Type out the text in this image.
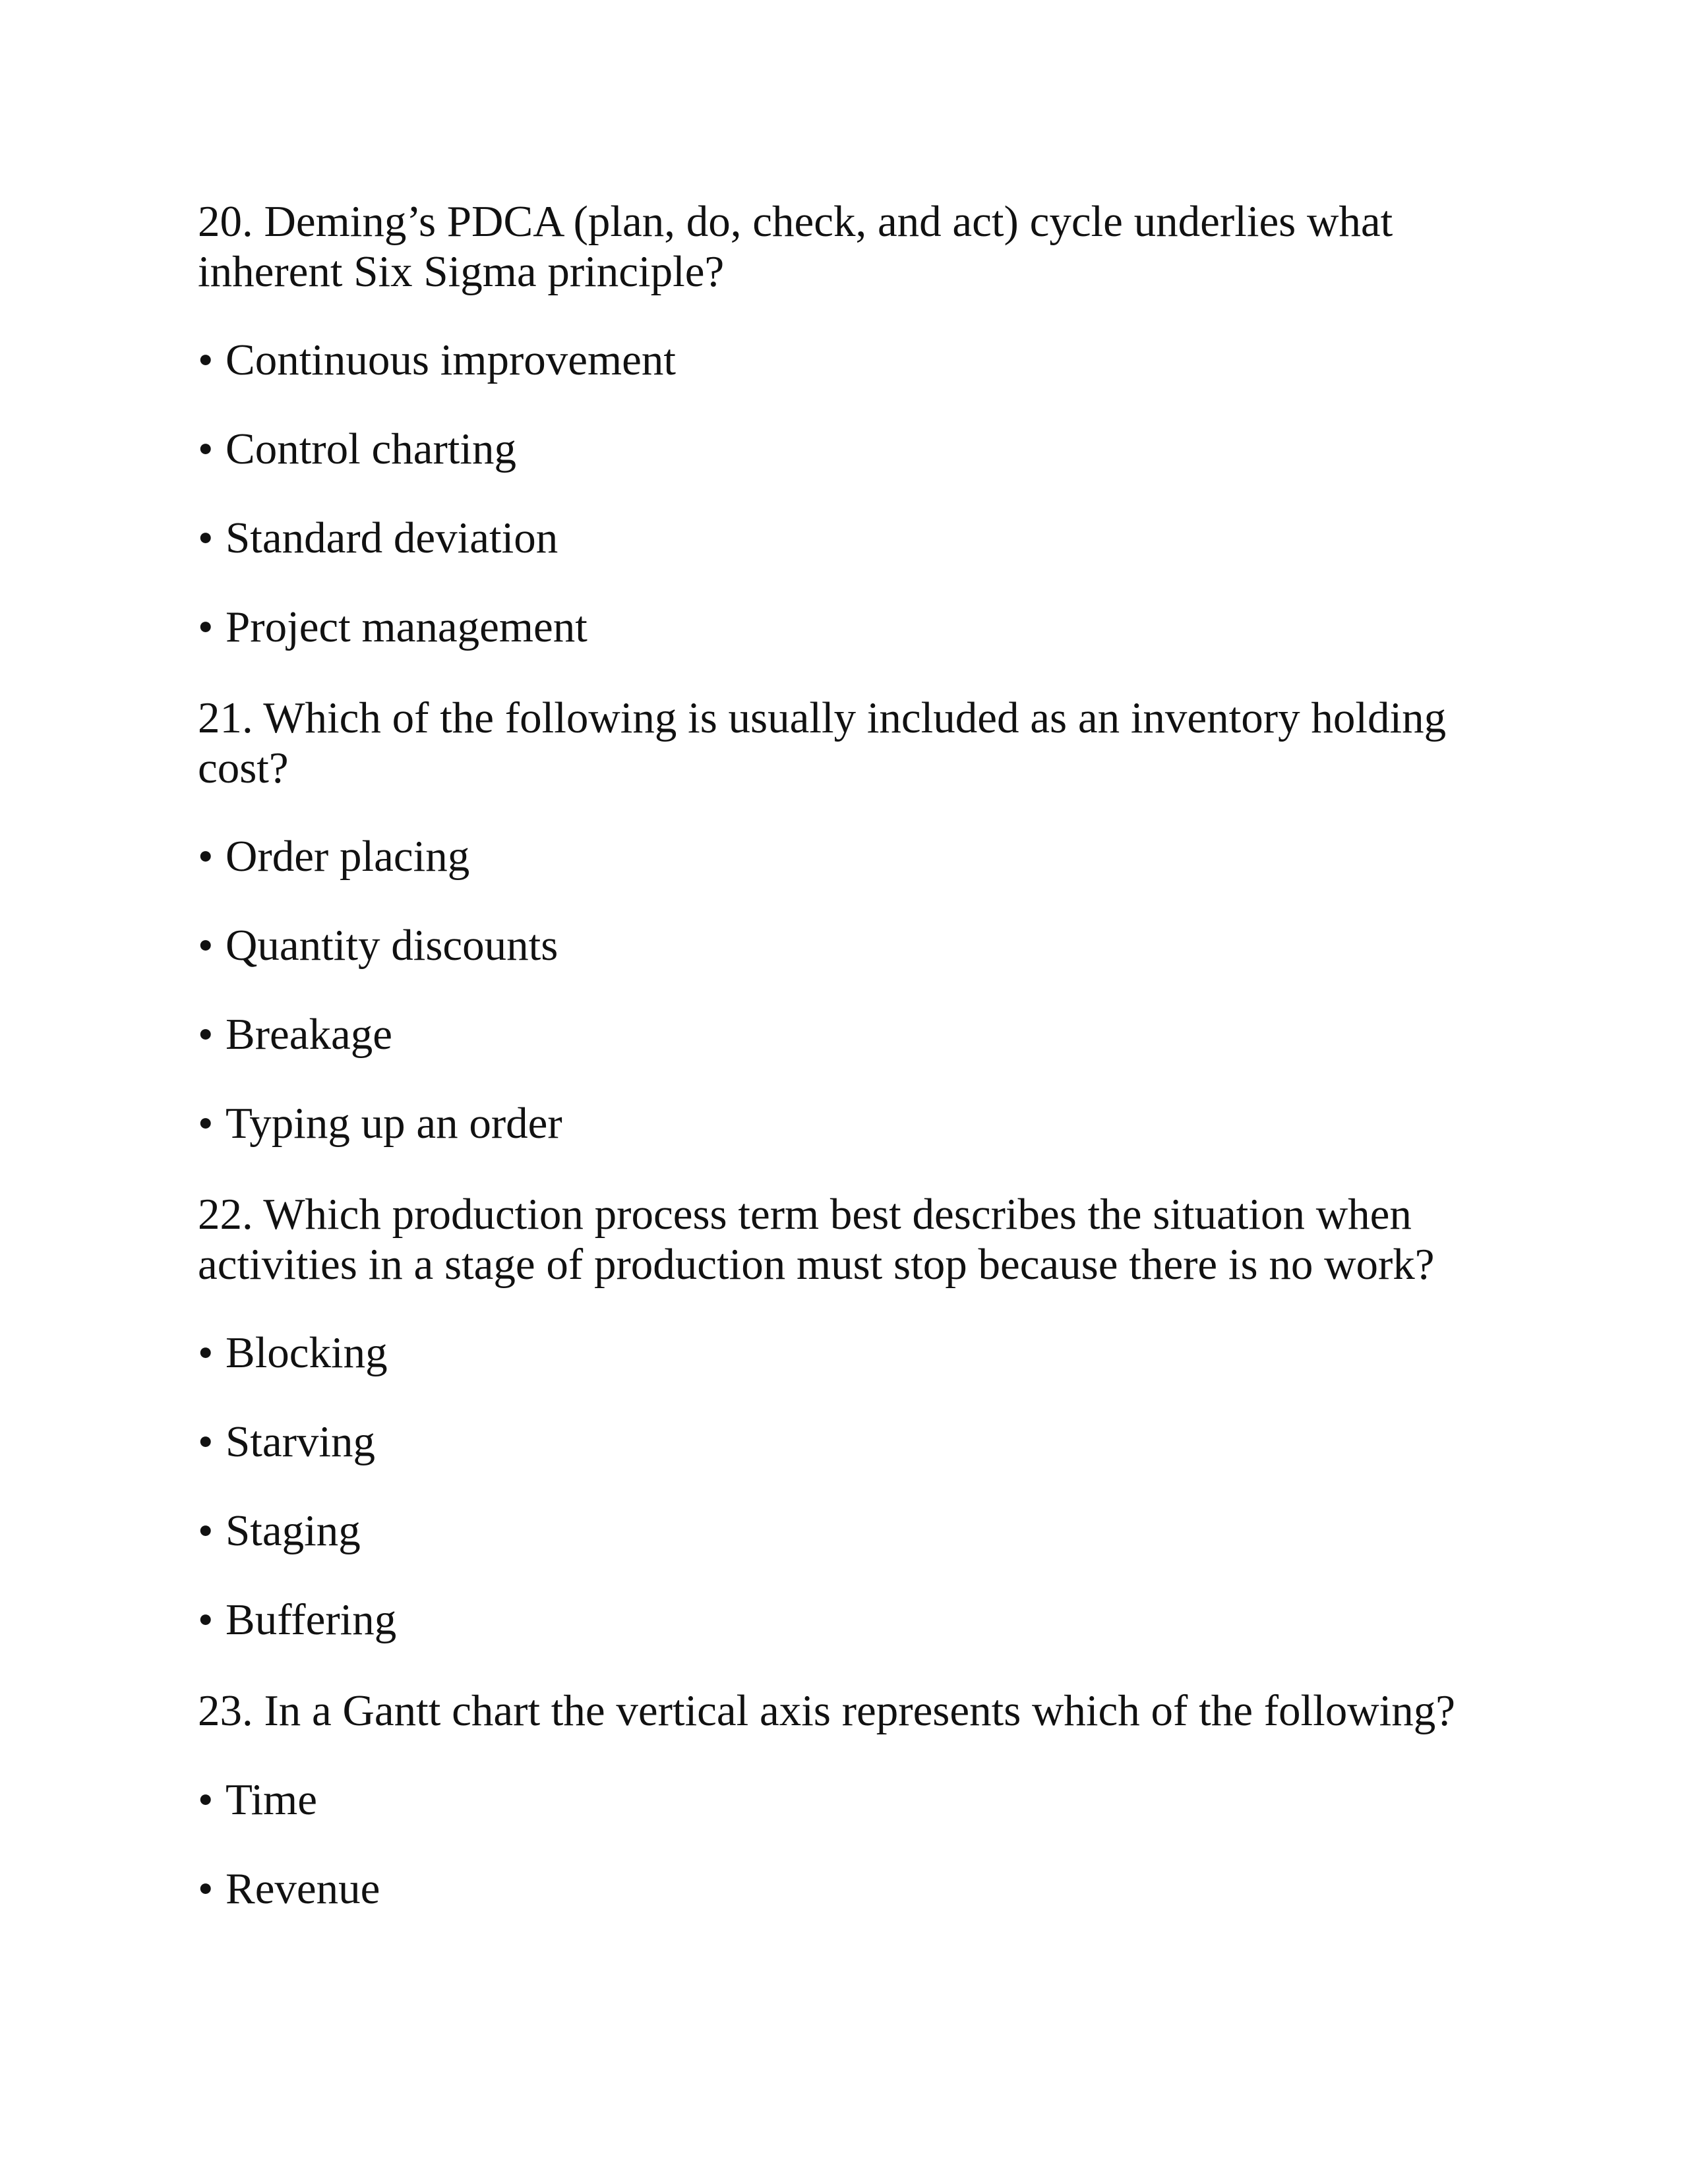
20. Deming’s PDCA (plan, do, check, and act) cycle underlies what

inherent Six Sigma principle?

• Continuous improvement

• Control charting

• Standard deviation

• Project management

21. Which of the following is usually included as an inventory holding

cost?

• Order placing

• Quantity discounts

• Breakage

• Typing up an order

22. Which production process term best describes the situation when

activities in a stage of production must stop because there is no work?

• Blocking

• Starving

• Staging

• Buffering

23. In a Gantt chart the vertical axis represents which of the following?

• Time

• Revenue
